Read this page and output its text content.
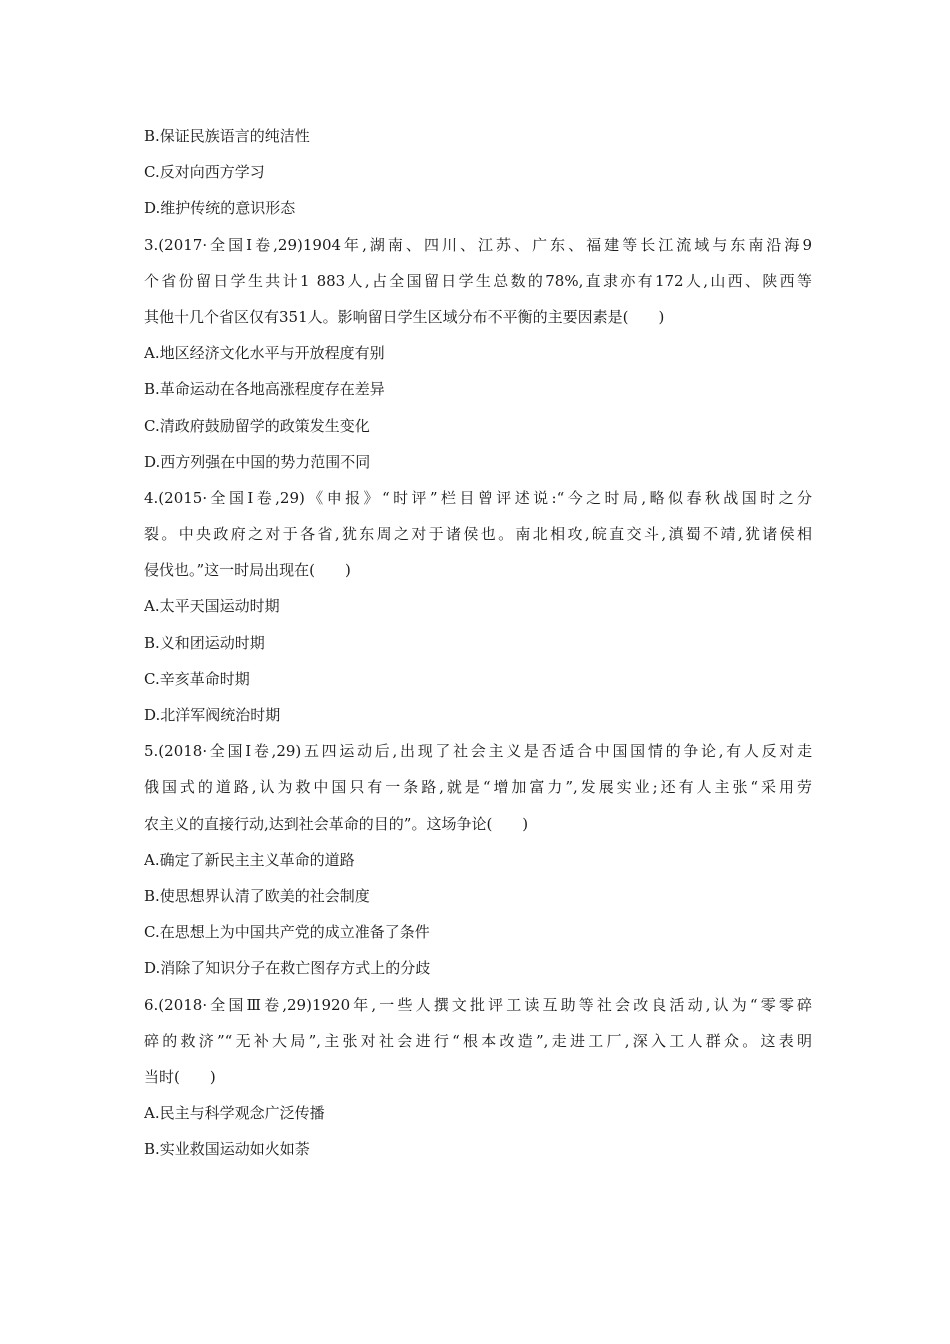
B.保证民族语言的纯洁性
C.反对向西方学习
D.维护传统的意识形态
3.(2017·全国Ⅰ卷,29)1904年,湖南、四川、江苏、广东、福建等长江流域与东南沿海9
个省份留日学生共计1 883人,占全国留日学生总数的78%,直隶亦有172人,山西、陕西等
其他十几个省区仅有351人。影响留日学生区域分布不平衡的主要因素是(　　)
A.地区经济文化水平与开放程度有别
B.革命运动在各地高涨程度存在差异
C.清政府鼓励留学的政策发生变化
D.西方列强在中国的势力范围不同
4.(2015·全国Ⅰ卷,29)《申报》“时评”栏目曾评述说:“今之时局,略似春秋战国时之分
裂。中央政府之对于各省,犹东周之对于诸侯也。南北相攻,皖直交斗,滇蜀不靖,犹诸侯相
侵伐也。”这一时局出现在(　　)
A.太平天国运动时期
B.义和团运动时期
C.辛亥革命时期
D.北洋军阀统治时期
5.(2018·全国Ⅰ卷,29)五四运动后,出现了社会主义是否适合中国国情的争论,有人反对走
俄国式的道路,认为救中国只有一条路,就是“增加富力”,发展实业;还有人主张“采用劳
农主义的直接行动,达到社会革命的目的”。这场争论(　　)
A.确定了新民主主义革命的道路
B.使思想界认清了欧美的社会制度
C.在思想上为中国共产党的成立准备了条件
D.消除了知识分子在救亡图存方式上的分歧
6.(2018·全国Ⅲ卷,29)1920年,一些人撰文批评工读互助等社会改良活动,认为“零零碎
碎的救济”“无补大局”,主张对社会进行“根本改造”,走进工厂,深入工人群众。这表明
当时(　　)
A.民主与科学观念广泛传播
B.实业救国运动如火如荼
